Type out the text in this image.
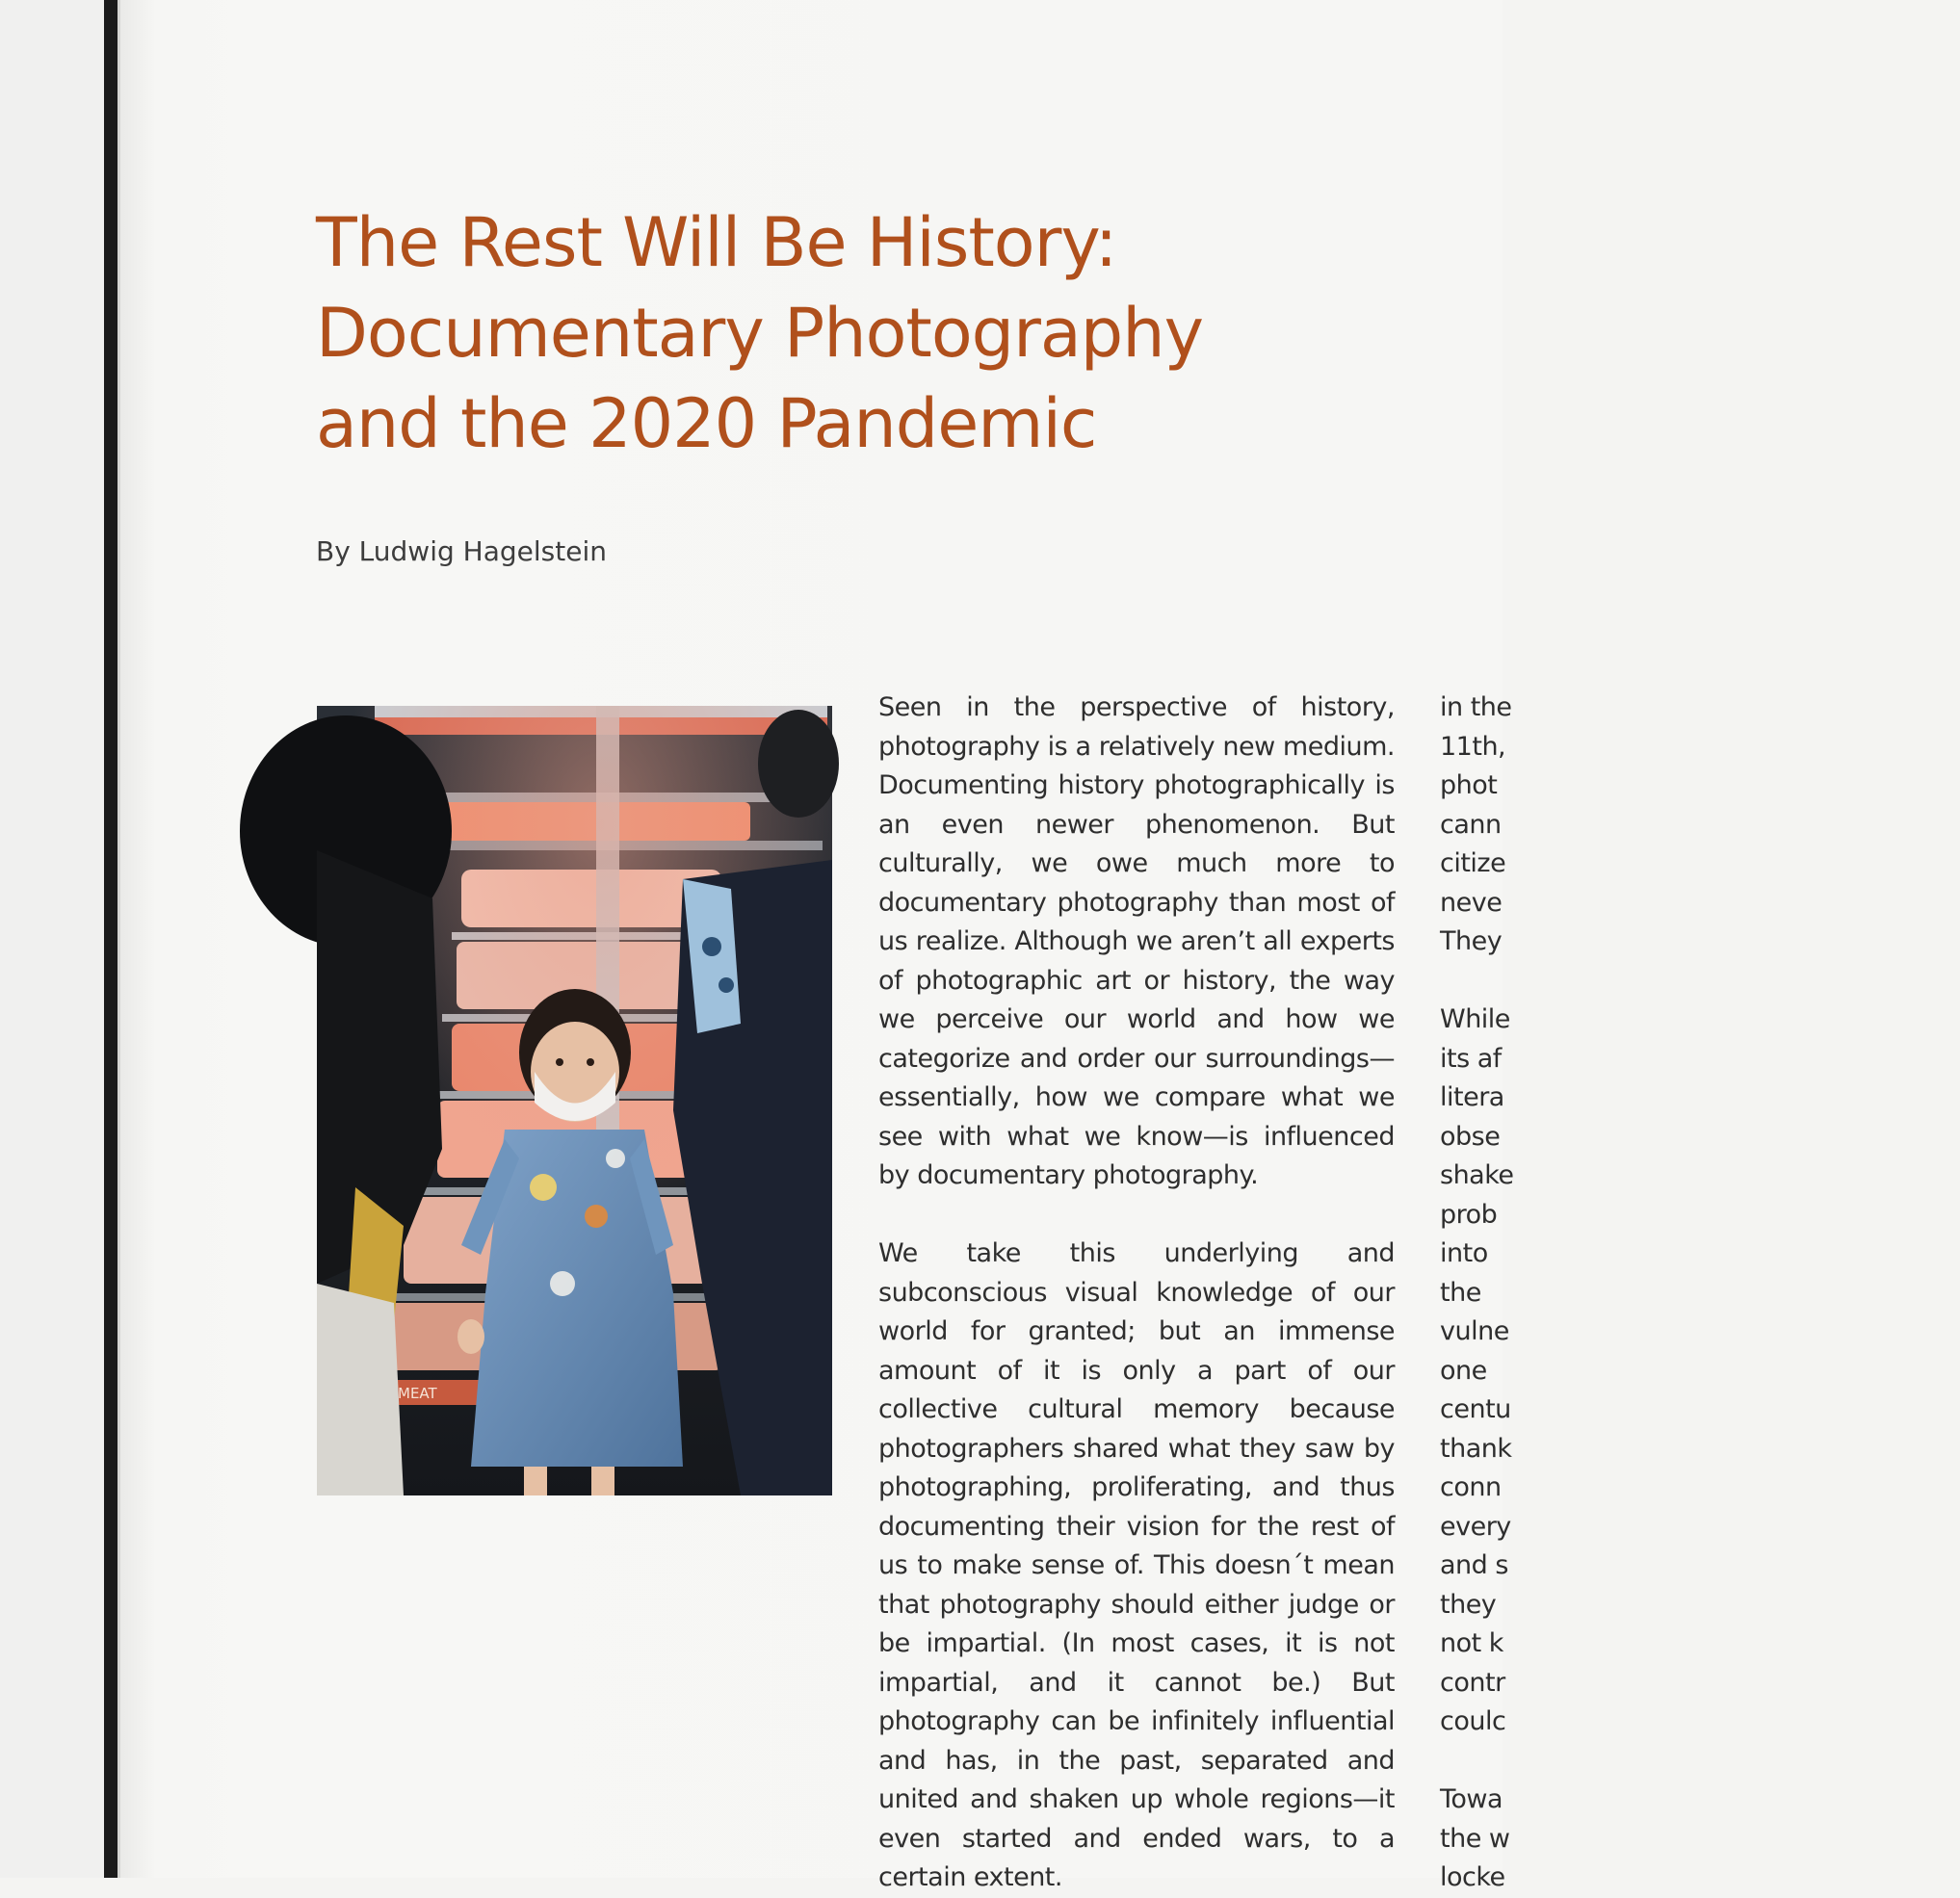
The Rest Will Be History:
Documentary Photography
and the 2020 Pandemic

By Ludwig Hagelstein

Seen in the perspective of history, photography is a relatively new medium. Documenting history photographically is an even newer phenomenon. But culturally, we owe much more to documentary photography than most of us realize. Although we aren’t all experts of photographic art or history, the way we perceive our world and how we categorize and order our surroundings—essentially, how we compare what we see with what we know—is influenced by documentary photography.

We take this underlying and subconscious visual knowledge of our world for granted; but an immense amount of it is only a part of our collective cultural memory because photographers shared what they saw by photographing, proliferating, and thus documenting their vision for the rest of us to make sense of. This doesn´t mean that photography should either judge or be impartial. (In most cases, it is not impartial, and it cannot be.) But photography can be infinitely influential and has, in the past, separated and united and shaken up whole regions—it even started and ended wars, to a certain extent.

in the
11th,
phot
cann
citize
neve
They
While
its af
litera
obse
shake
prob
into
the
vulne
one
centu
thank
conn
every
and s
they
not k
contr
coulc
Towa
the w
locke
